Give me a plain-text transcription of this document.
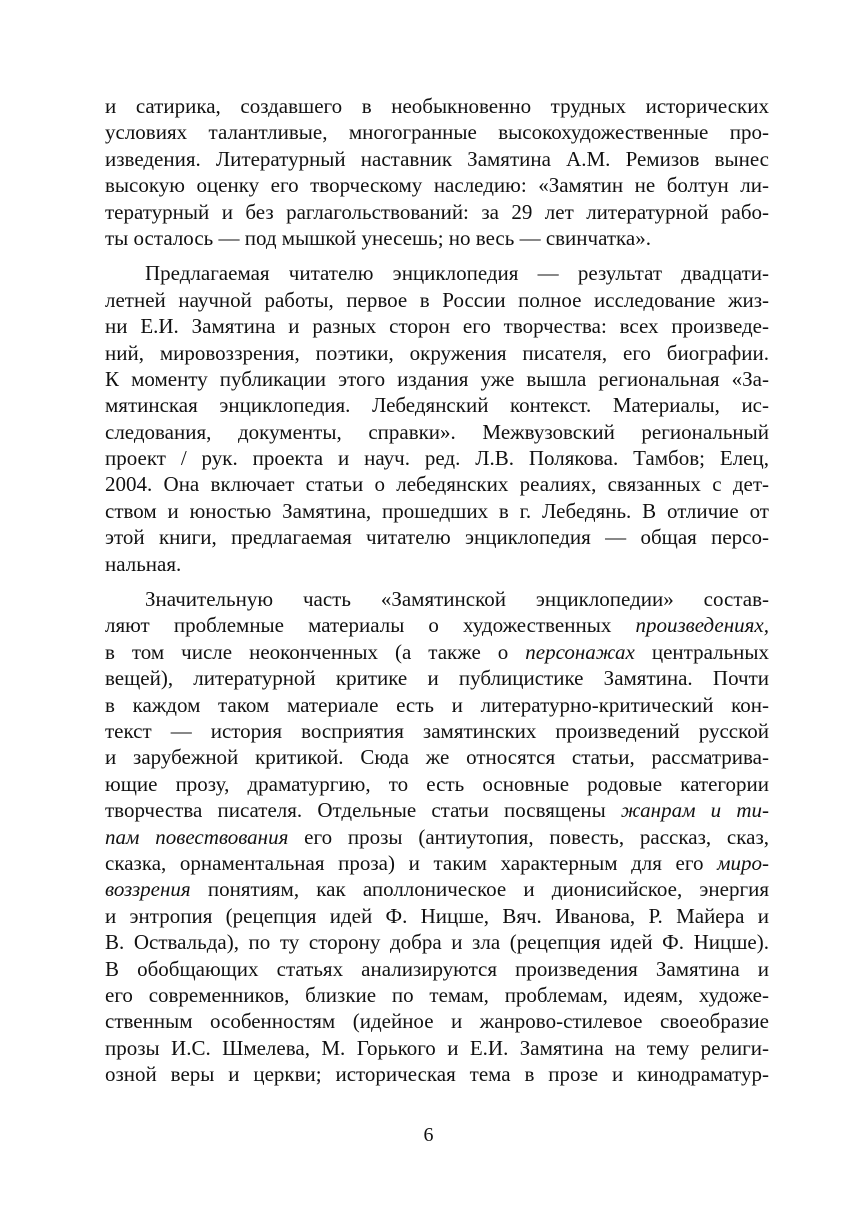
и сатирика, создавшего в необыкновенно трудных исторических
условиях талантливые, многогранные высокохудожественные про-
изведения. Литературный наставник Замятина А.М. Ремизов вынес
высокую оценку его творческому наследию: «Замятин не болтун ли-
тературный и без раглагольствований: за 29 лет литературной рабо-
ты осталось — под мышкой унесешь; но весь — свинчатка».
Предлагаемая читателю энциклопедия — результат двадцати-
летней научной работы, первое в России полное исследование жиз-
ни Е.И. Замятина и разных сторон его творчества: всех произведе-
ний, мировоззрения, поэтики, окружения писателя, его биографии.
К моменту публикации этого издания уже вышла региональная «За-
мятинская энциклопедия. Лебедянский контекст. Материалы, ис-
следования, документы, справки». Межвузовский региональный
проект / рук. проекта и науч. ред. Л.В. Полякова. Тамбов; Елец,
2004. Она включает статьи о лебедянских реалиях, связанных с дет-
ством и юностью Замятина, прошедших в г. Лебедянь. В отличие от
этой книги, предлагаемая читателю энциклопедия — общая персо-
нальная.
Значительную часть «Замятинской энциклопедии» состав-
ляют проблемные материалы о художественных произведениях,
в том числе неоконченных (а также о персонажах центральных
вещей), литературной критике и публицистике Замятина. Почти
в каждом таком материале есть и литературно-критический кон-
текст — история восприятия замятинских произведений русской
и зарубежной критикой. Сюда же относятся статьи, рассматрива-
ющие прозу, драматургию, то есть основные родовые категории
творчества писателя. Отдельные статьи посвящены жанрам и ти-
пам повествования его прозы (антиутопия, повесть, рассказ, сказ,
сказка, орнаментальная проза) и таким характерным для его миро-
воззрения понятиям, как аполлоническое и дионисийское, энергия
и энтропия (рецепция идей Ф. Ницше, Вяч. Иванова, Р. Майера и
В. Оствальда), по ту сторону добра и зла (рецепция идей Ф. Ницше).
В обобщающих статьях анализируются произведения Замятина и
его современников, близкие по темам, проблемам, идеям, художе-
ственным особенностям (идейное и жанрово-стилевое своеобразие
прозы И.С. Шмелева, М. Горького и Е.И. Замятина на тему религи-
озной веры и церкви; историческая тема в прозе и кинодраматур-
6
